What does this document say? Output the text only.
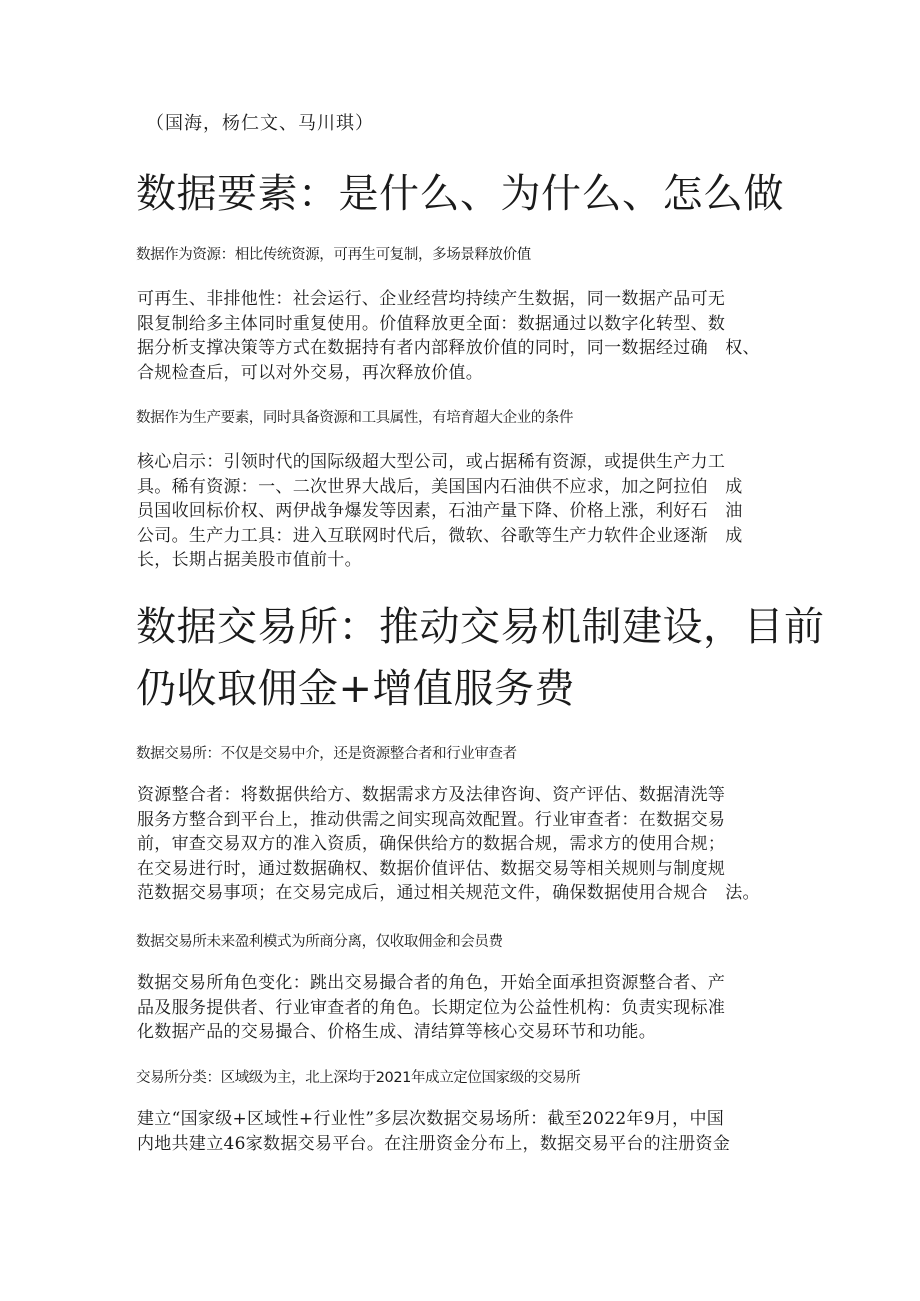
（国海，杨仁文、马川琪）
数据要素：是什么、为什么、怎么做
数据作为资源：相比传统资源，可再生可复制，多场景释放价值
可再生、非排他性：社会运行、企业经营均持续产生数据，同一数据产品可无
限复制给多主体同时重复使用。价值释放更全面：数据通过以数字化转型、数
据分析支撑决策等方式在数据持有者内部释放价值的同时，同一数据经过确　权、
合规检查后，可以对外交易，再次释放价值。
数据作为生产要素，同时具备资源和工具属性，有培育超大企业的条件
核心启示：引领时代的国际级超大型公司，或占据稀有资源，或提供生产力工
具。稀有资源：一、二次世界大战后，美国国内石油供不应求，加之阿拉伯　成
员国收回标价权、两伊战争爆发等因素，石油产量下降、价格上涨，利好石　油
公司。生产力工具：进入互联网时代后，微软、谷歌等生产力软件企业逐渐　成
长，长期占据美股市值前十。
数据交易所：推动交易机制建设，目前
仍收取佣金+增值服务费
数据交易所：不仅是交易中介，还是资源整合者和行业审查者
资源整合者：将数据供给方、数据需求方及法律咨询、资产评估、数据清洗等
服务方整合到平台上，推动供需之间实现高效配置。行业审查者：在数据交易
前，审查交易双方的准入资质，确保供给方的数据合规，需求方的使用合规；
在交易进行时，通过数据确权、数据价值评估、数据交易等相关规则与制度规
范数据交易事项；在交易完成后，通过相关规范文件，确保数据使用合规合　法。
数据交易所未来盈利模式为所商分离，仅收取佣金和会员费
数据交易所角色变化：跳出交易撮合者的角色，开始全面承担资源整合者、产
品及服务提供者、行业审查者的角色。长期定位为公益性机构：负责实现标准
化数据产品的交易撮合、价格生成、清结算等核心交易环节和功能。
交易所分类：区域级为主，北上深均于2021年成立定位国家级的交易所
建立“国家级+区域性+行业性”多层次数据交易场所：截至2022年9月，中国
内地共建立46家数据交易平台。在注册资金分布上，数据交易平台的注册资金
